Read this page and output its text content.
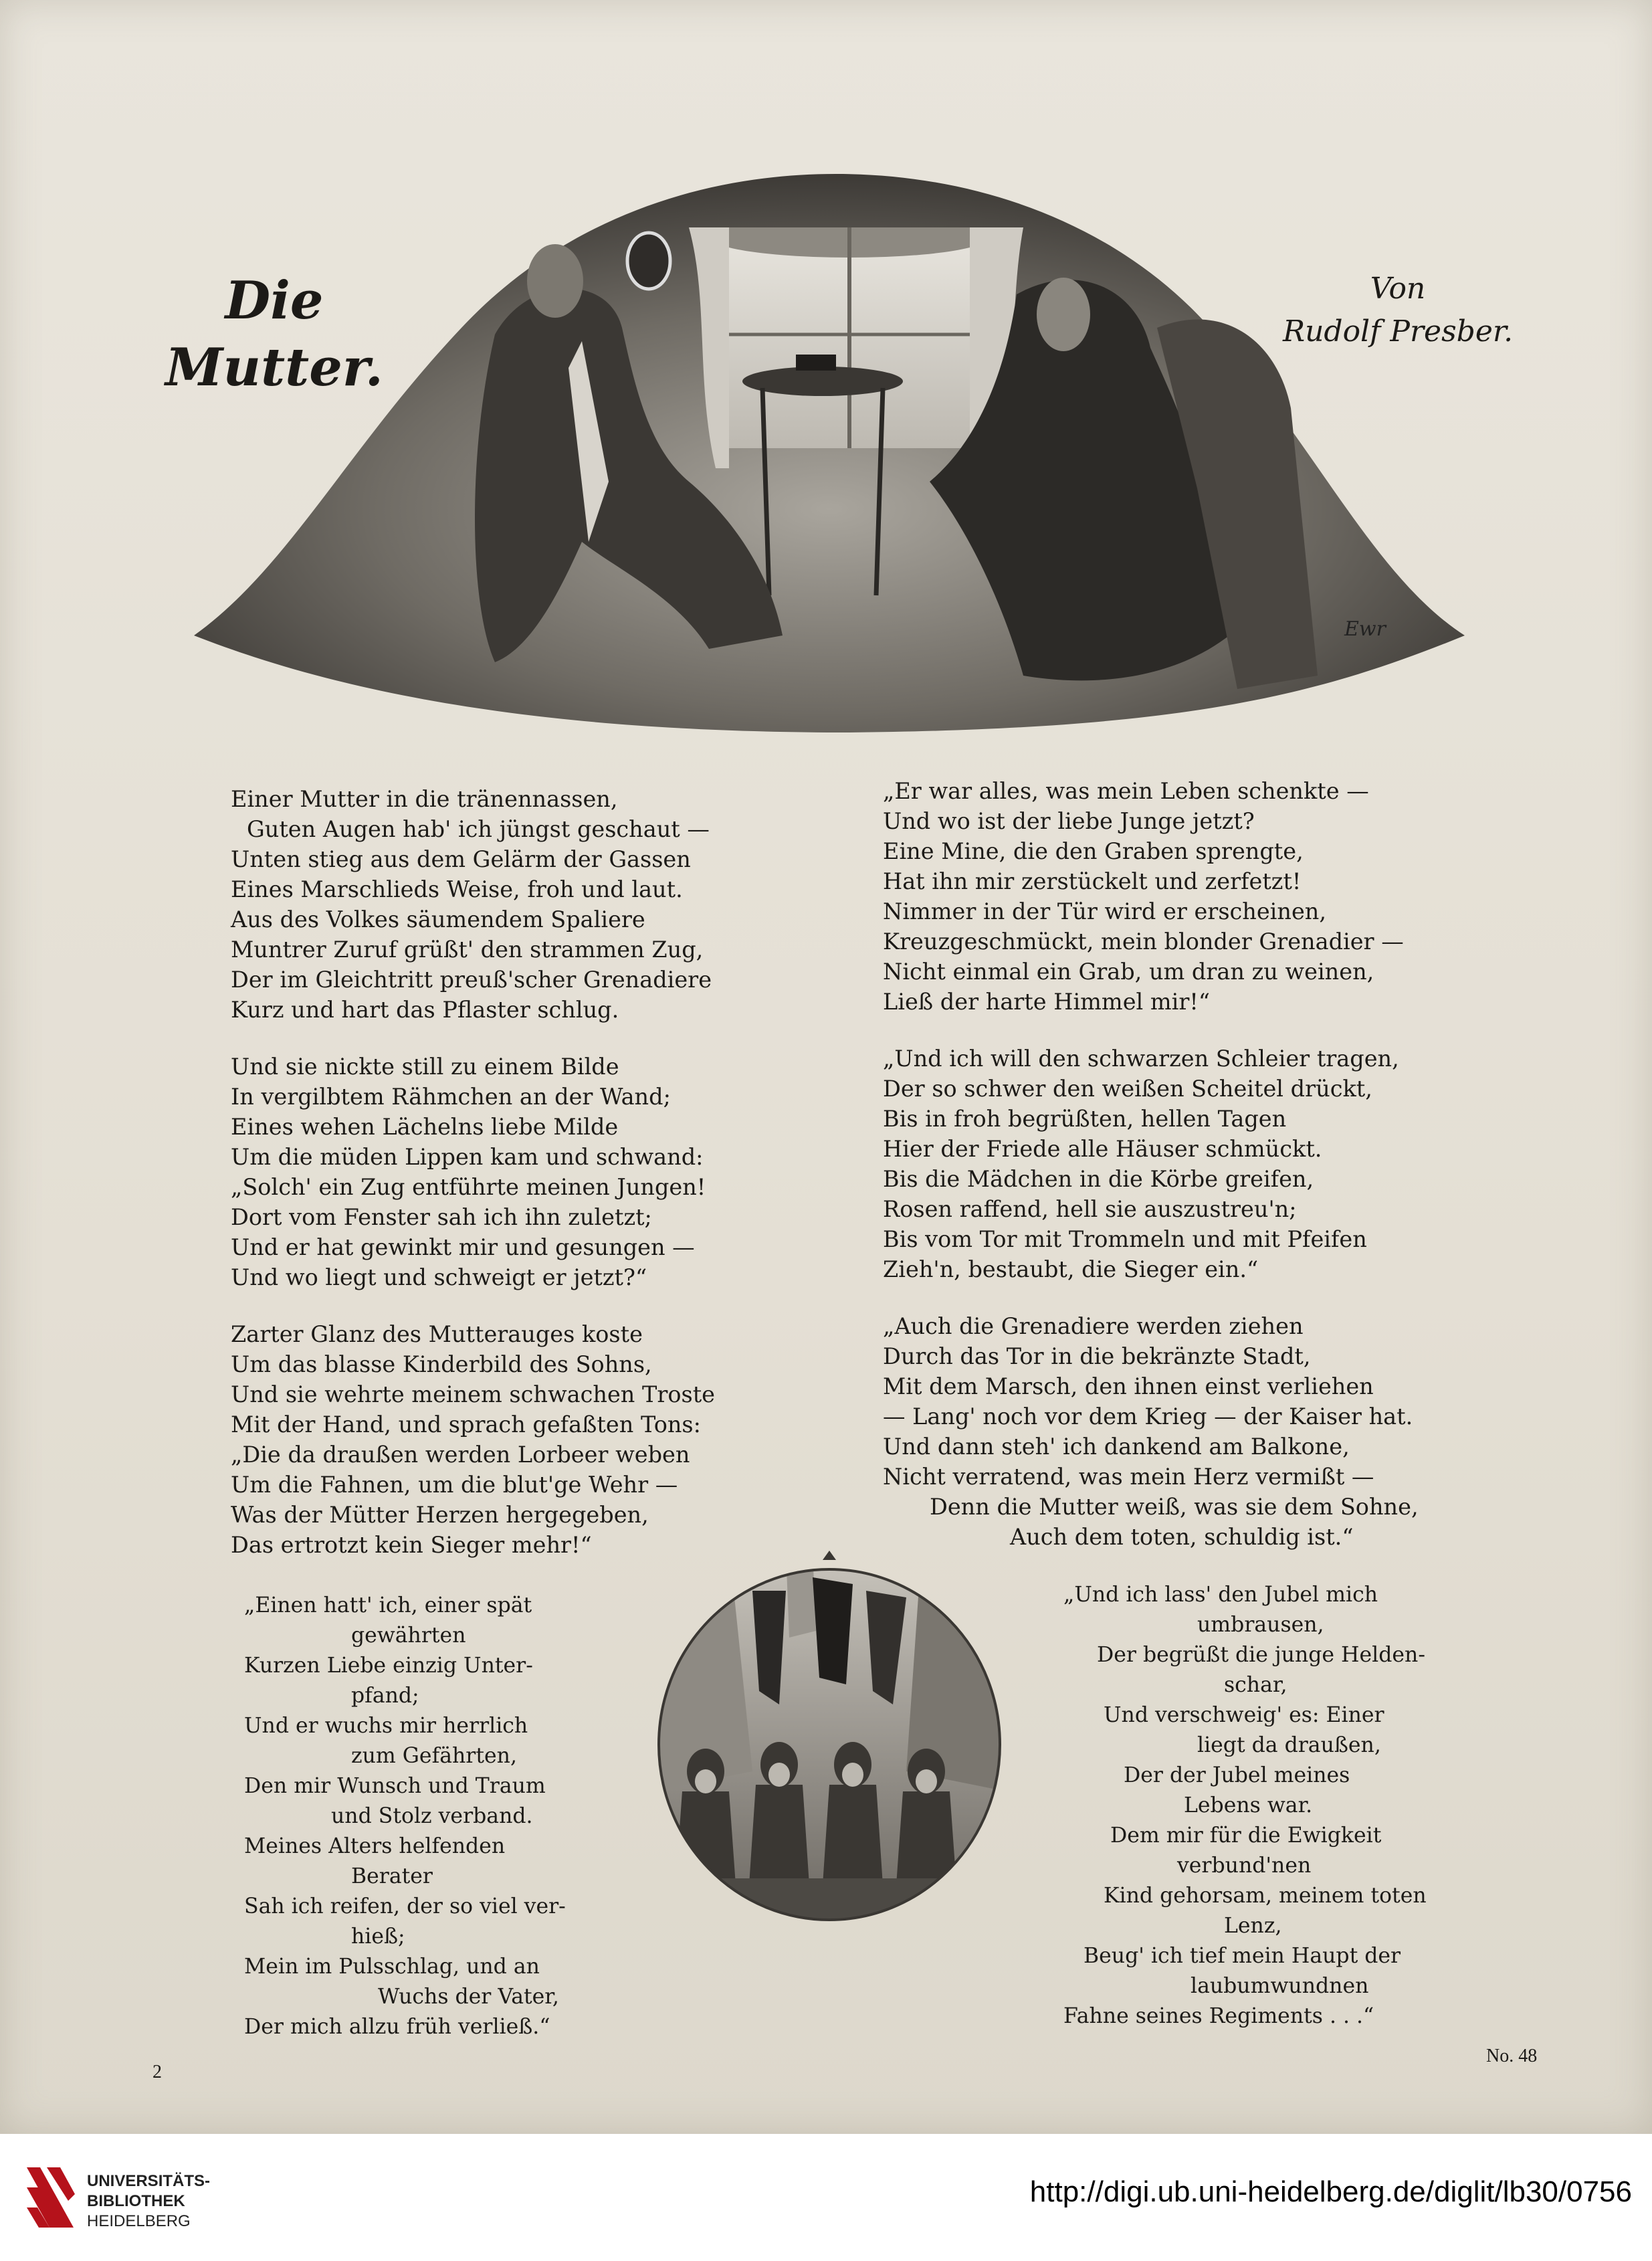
Die
Mutter.
Von
Rudolf Presber.
Ewr
Einer Mutter in die tränennassen,
Guten Augen hab' ich jüngst geschaut —
Unten stieg aus dem Gelärm der Gassen
Eines Marschlieds Weise, froh und laut.
Aus des Volkes säumendem Spaliere
Muntrer Zuruf grüßt' den strammen Zug,
Der im Gleichtritt preuß'scher Grenadiere
Kurz und hart das Pflaster schlug.
Und sie nickte still zu einem Bilde
In vergilbtem Rähmchen an der Wand;
Eines wehen Lächelns liebe Milde
Um die müden Lippen kam und schwand:
„Solch' ein Zug entführte meinen Jungen!
Dort vom Fenster sah ich ihn zuletzt;
Und er hat gewinkt mir und gesungen —
Und wo liegt und schweigt er jetzt?“
Zarter Glanz des Mutterauges koste
Um das blasse Kinderbild des Sohns,
Und sie wehrte meinem schwachen Troste
Mit der Hand, und sprach gefaßten Tons:
„Die da draußen werden Lorbeer weben
Um die Fahnen, um die blut'ge Wehr —
Was der Mütter Herzen hergegeben,
Das ertrotzt kein Sieger mehr!“
„Er war alles, was mein Leben schenkte —
Und wo ist der liebe Junge jetzt?
Eine Mine, die den Graben sprengte,
Hat ihn mir zerstückelt und zerfetzt!
Nimmer in der Tür wird er erscheinen,
Kreuzgeschmückt, mein blonder Grenadier —
Nicht einmal ein Grab, um dran zu weinen,
Ließ der harte Himmel mir!“
„Und ich will den schwarzen Schleier tragen,
Der so schwer den weißen Scheitel drückt,
Bis in froh begrüßten, hellen Tagen
Hier der Friede alle Häuser schmückt.
Bis die Mädchen in die Körbe greifen,
Rosen raffend, hell sie auszustreu'n;
Bis vom Tor mit Trommeln und mit Pfeifen
Zieh'n, bestaubt, die Sieger ein.“
„Auch die Grenadiere werden ziehen
Durch das Tor in die bekränzte Stadt,
Mit dem Marsch, den ihnen einst verliehen
— Lang' noch vor dem Krieg — der Kaiser hat.
Und dann steh' ich dankend am Balkone,
Nicht verratend, was mein Herz vermißt —
Denn die Mutter weiß, was sie dem Sohne,
Auch dem toten, schuldig ist.“
„Einen hatt' ich, einer spät
gewährten
Kurzen Liebe einzig Unter-
pfand;
Und er wuchs mir herrlich
zum Gefährten,
Den mir Wunsch und Traum
und Stolz verband.
Meines Alters helfenden
Berater
Sah ich reifen, der so viel ver-
hieß;
Mein im Pulsschlag, und an
Wuchs der Vater,
Der mich allzu früh verließ.“
„Und ich lass' den Jubel mich
umbrausen,
Der begrüßt die junge Helden-
schar,
Und verschweig' es: Einer
liegt da draußen,
Der der Jubel meines
Lebens war.
Dem mir für die Ewigkeit
verbund'nen
Kind gehorsam, meinem toten
Lenz,
Beug' ich tief mein Haupt der
laubumwundnen
Fahne seines Regiments . . .“
2
No. 48
UNIVERSITÄTS-
BIBLIOTHEK
HEIDELBERG
http://digi.ub.uni-heidelberg.de/diglit/lb30/0756
